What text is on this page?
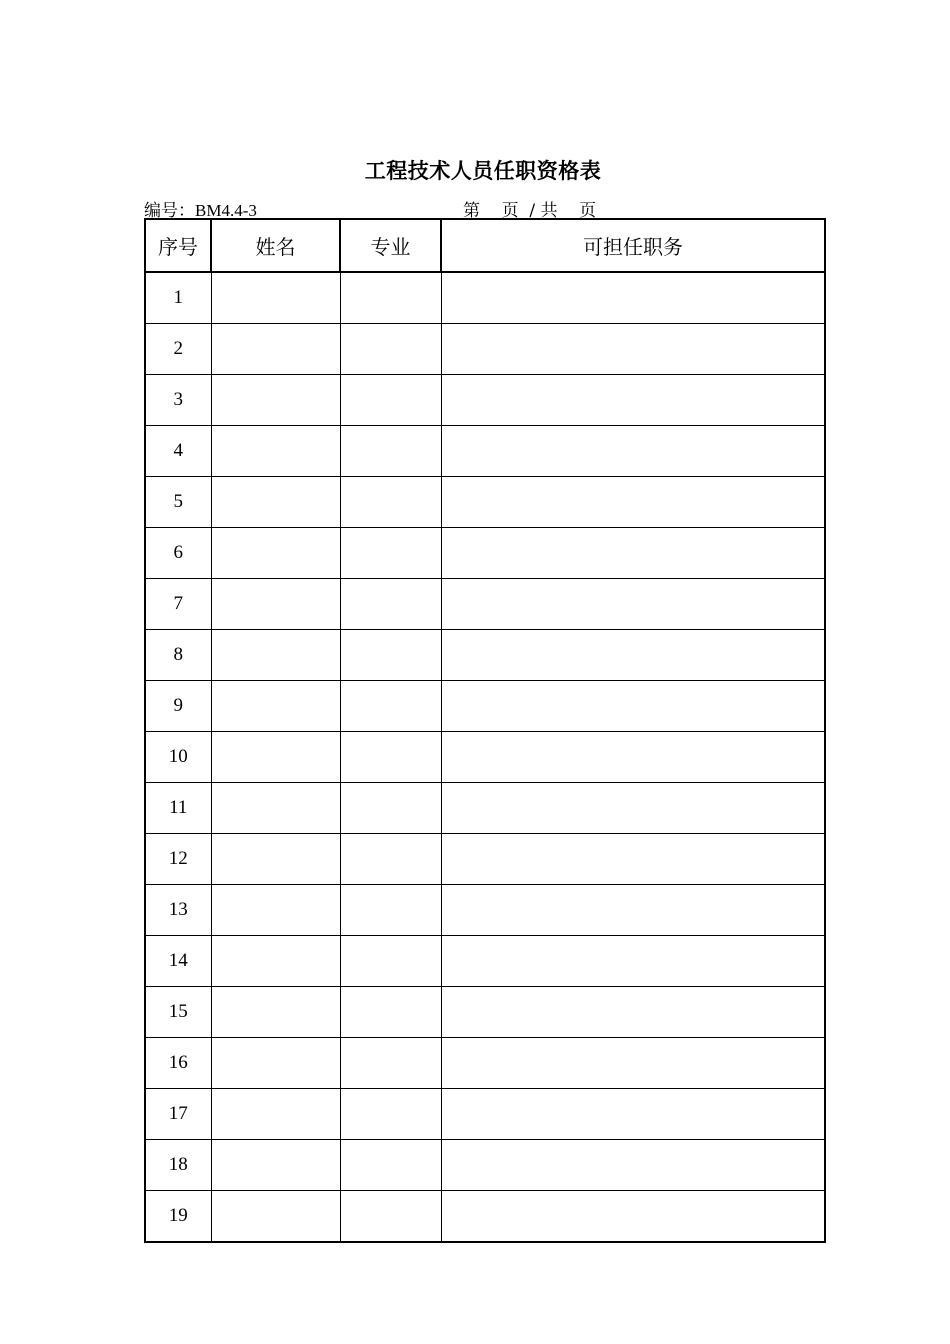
工程技术人员任职资格表
编号：BM4.4-3	第    页  / 共    页
序号	姓名	专业	可担任职务
1			
2			
3			
4			
5			
6			
7			
8			
9			
10			
11			
12			
13			
14			
15			
16			
17			
18			
19			
